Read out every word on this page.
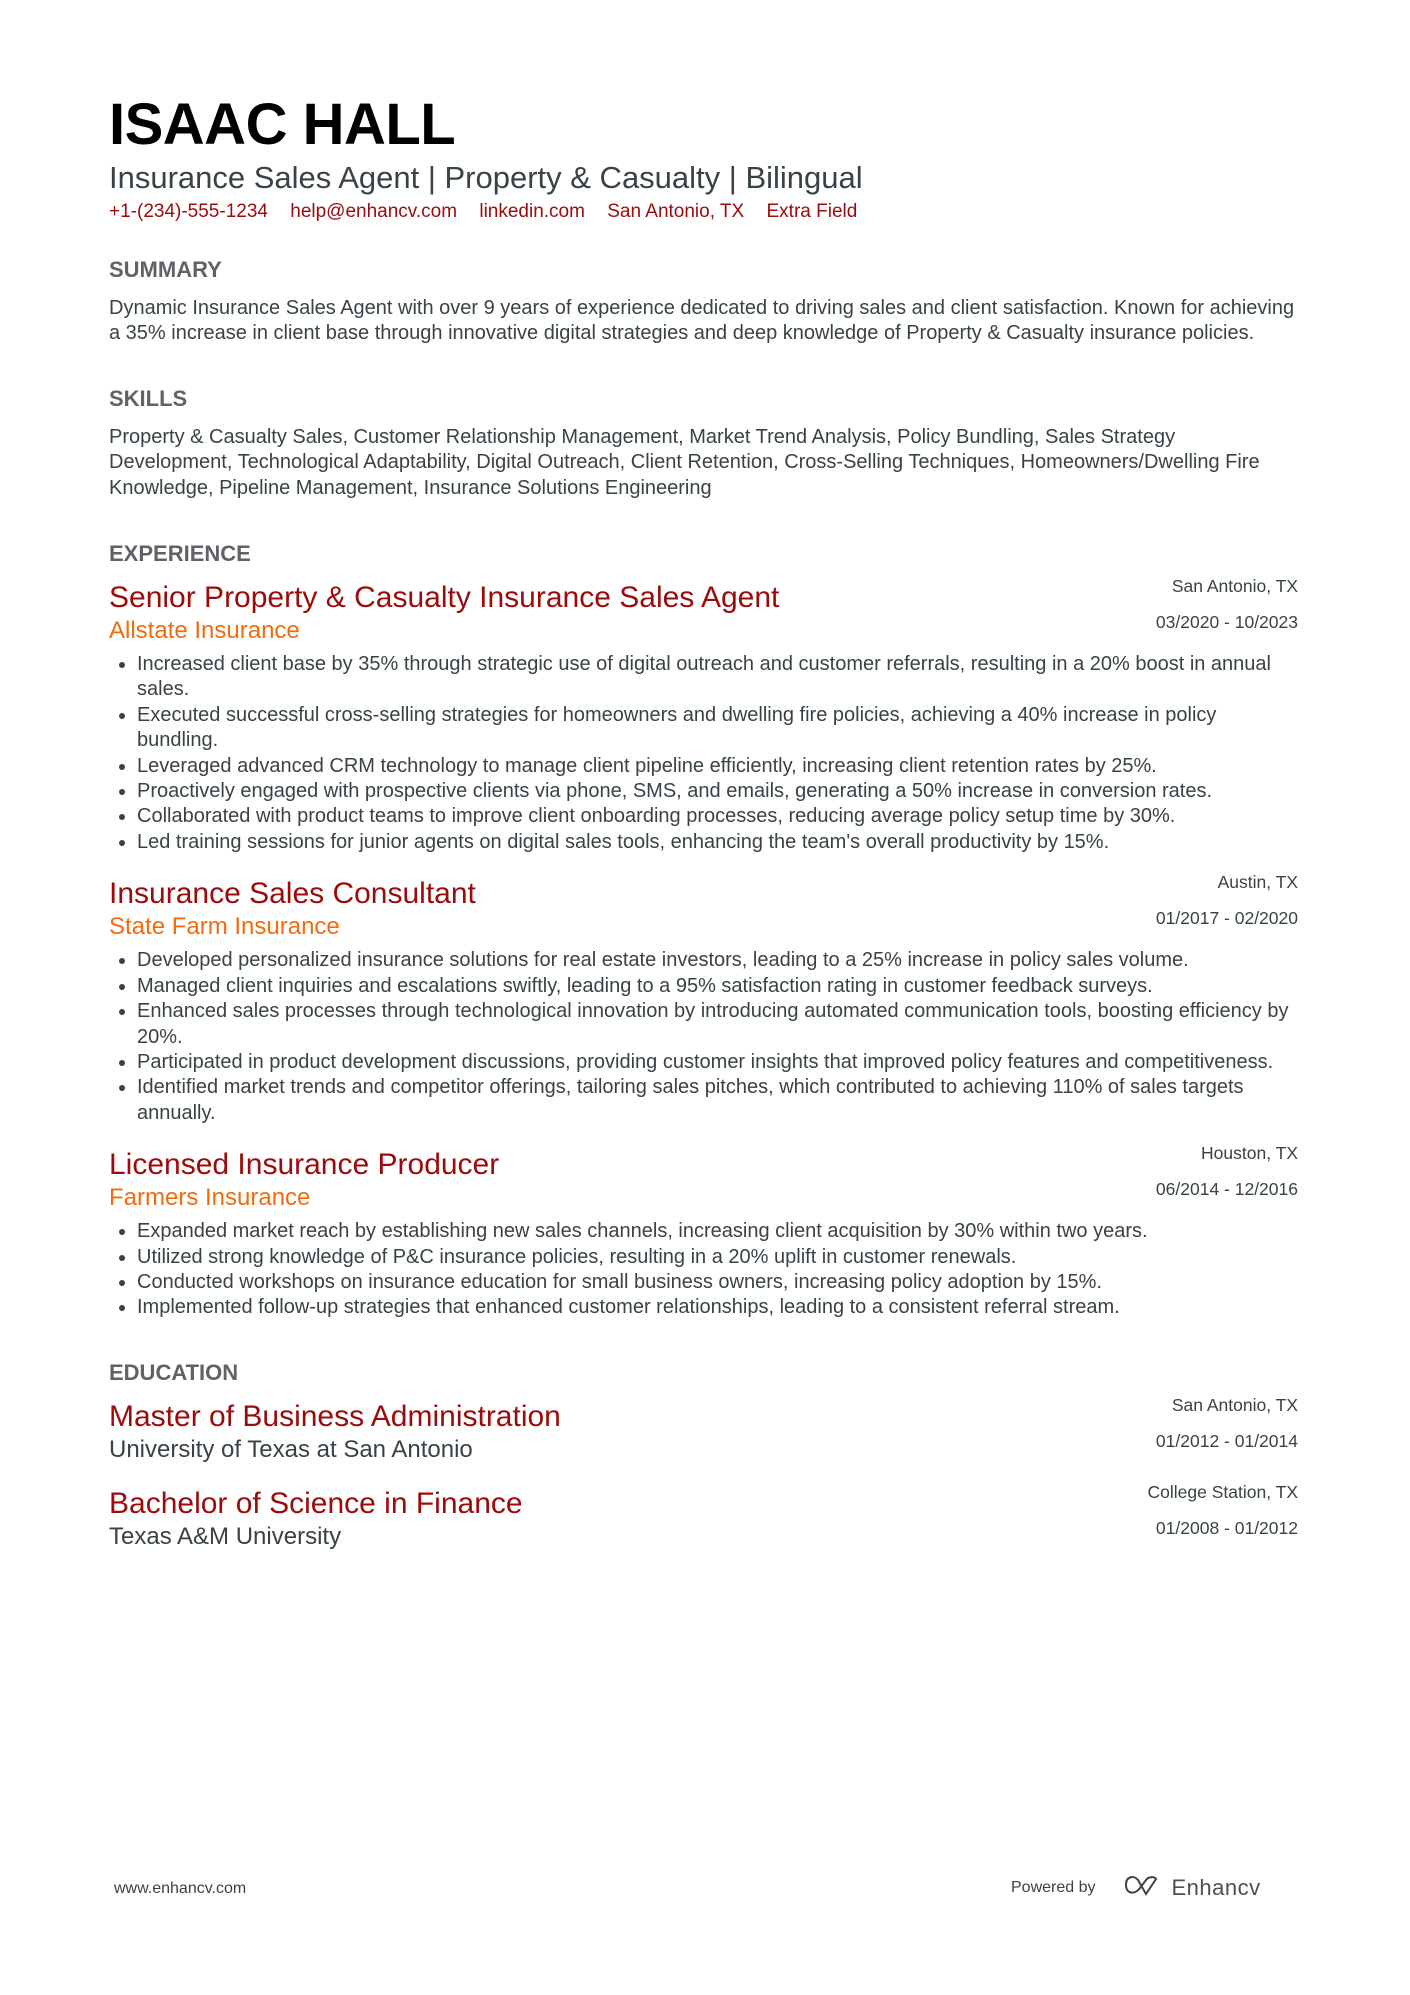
ISAAC HALL
Insurance Sales Agent | Property & Casualty | Bilingual
+1-(234)-555-1234 help@enhancv.com linkedin.com San Antonio, TX Extra Field
SUMMARY
Dynamic Insurance Sales Agent with over 9 years of experience dedicated to driving sales and client satisfaction. Known for achieving a 35% increase in client base through innovative digital strategies and deep knowledge of Property & Casualty insurance policies.
SKILLS
Property & Casualty Sales, Customer Relationship Management, Market Trend Analysis, Policy Bundling, Sales Strategy Development, Technological Adaptability, Digital Outreach, Client Retention, Cross-Selling Techniques, Homeowners/Dwelling Fire Knowledge, Pipeline Management, Insurance Solutions Engineering
EXPERIENCE
Senior Property & Casualty Insurance Sales Agent
Allstate Insurance
San Antonio, TX
03/2020 - 10/2023
• Increased client base by 35% through strategic use of digital outreach and customer referrals, resulting in a 20% boost in annual sales.
• Executed successful cross-selling strategies for homeowners and dwelling fire policies, achieving a 40% increase in policy bundling.
• Leveraged advanced CRM technology to manage client pipeline efficiently, increasing client retention rates by 25%.
• Proactively engaged with prospective clients via phone, SMS, and emails, generating a 50% increase in conversion rates.
• Collaborated with product teams to improve client onboarding processes, reducing average policy setup time by 30%.
• Led training sessions for junior agents on digital sales tools, enhancing the team's overall productivity by 15%.
Insurance Sales Consultant
State Farm Insurance
Austin, TX
01/2017 - 02/2020
• Developed personalized insurance solutions for real estate investors, leading to a 25% increase in policy sales volume.
• Managed client inquiries and escalations swiftly, leading to a 95% satisfaction rating in customer feedback surveys.
• Enhanced sales processes through technological innovation by introducing automated communication tools, boosting efficiency by 20%.
• Participated in product development discussions, providing customer insights that improved policy features and competitiveness.
• Identified market trends and competitor offerings, tailoring sales pitches, which contributed to achieving 110% of sales targets annually.
Licensed Insurance Producer
Farmers Insurance
Houston, TX
06/2014 - 12/2016
• Expanded market reach by establishing new sales channels, increasing client acquisition by 30% within two years.
• Utilized strong knowledge of P&C insurance policies, resulting in a 20% uplift in customer renewals.
• Conducted workshops on insurance education for small business owners, increasing policy adoption by 15%.
• Implemented follow-up strategies that enhanced customer relationships, leading to a consistent referral stream.
EDUCATION
Master of Business Administration
University of Texas at San Antonio
San Antonio, TX
01/2012 - 01/2014
Bachelor of Science in Finance
Texas A&M University
College Station, TX
01/2008 - 01/2012
www.enhancv.com	Powered by	Enhancv
